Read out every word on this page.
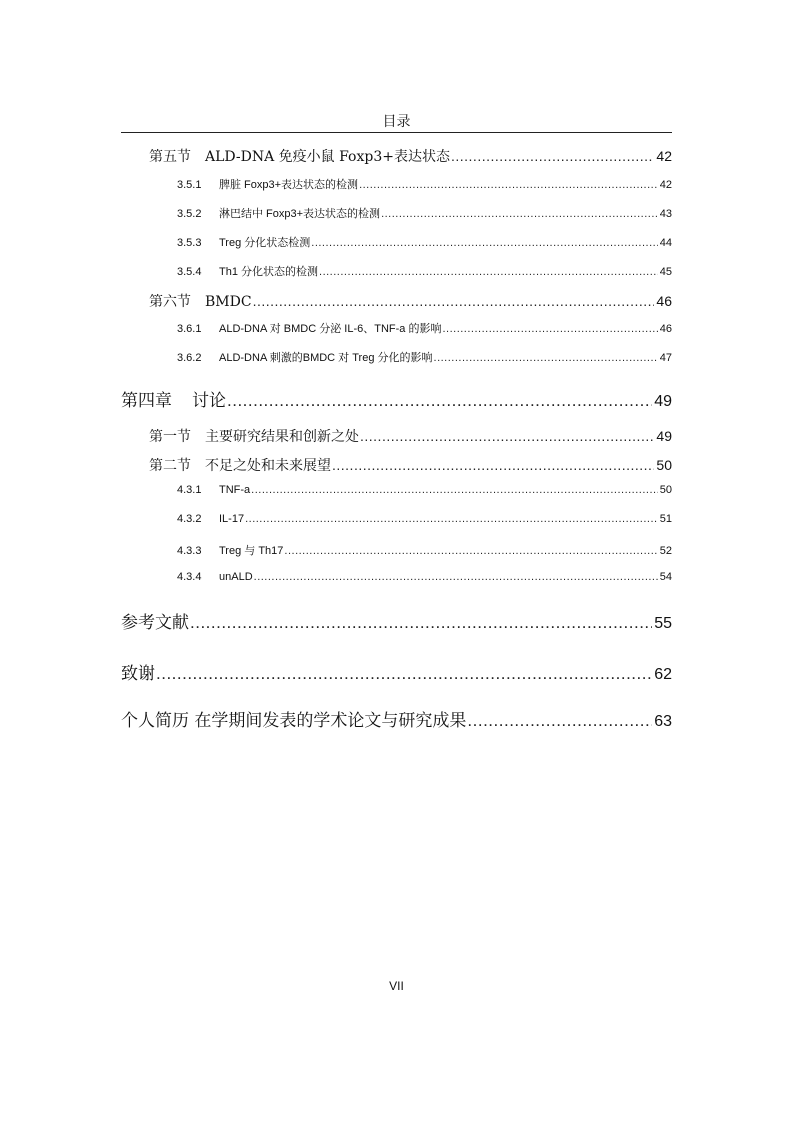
目录
第五节 ALD-DNA 免疫小鼠 Foxp3+表达状态 .....	42
3.5.1	脾脏 Foxp3+表达状态的检测 .....	42
3.5.2	淋巴结中 Foxp3+表达状态的检测 .....	43
3.5.3	Treg 分化状态检测 .....	44
3.5.4	Th1 分化状态的检测 .....	45
第六节 BMDC .....	46
3.6.1	ALD-DNA 对 BMDC 分泌 IL-6、TNF-a 的影响 .....	46
3.6.2	ALD-DNA 刺激的BMDC 对 Treg 分化的影响 .....	47
第四章 讨论 .....	49
第一节 主要研究结果和创新之处 .....	49
第二节 不足之处和未来展望 .....	50
4.3.1	TNF-a .....	50
4.3.2	IL-17 .....	51
4.3.3	Treg 与 Th17 .....	52
4.3.4	unALD .....	54
参考文献 .....	55
致谢 .....	62
个人简历 在学期间发表的学术论文与研究成果 .....	63
VII
